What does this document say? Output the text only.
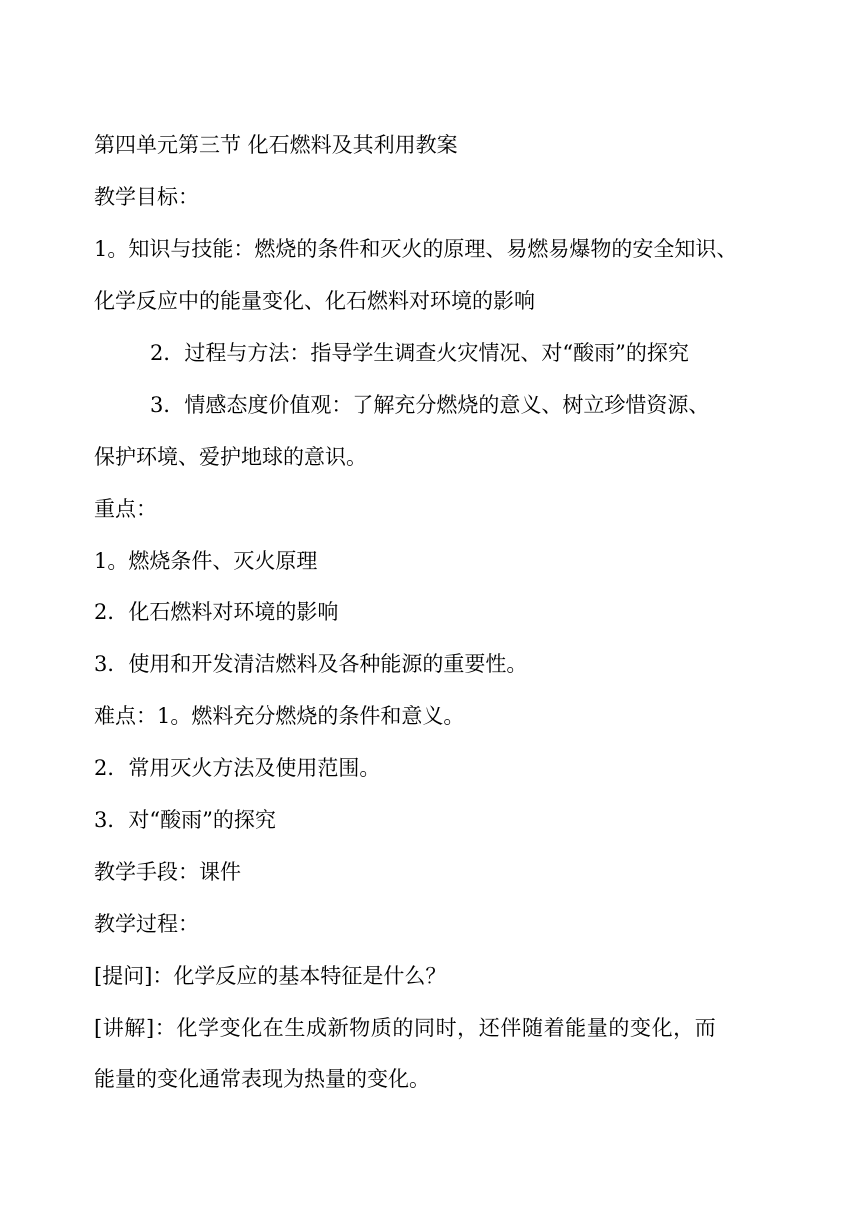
第四单元第三节 化石燃料及其利用教案
教学目标：
1。知识与技能：燃烧的条件和灭火的原理、易燃易爆物的安全知识、
化学反应中的能量变化、化石燃料对环境的影响
2．过程与方法：指导学生调查火灾情况、对“酸雨”的探究
3．情感态度价值观：了解充分燃烧的意义、树立珍惜资源、
保护环境、爱护地球的意识。
重点：
1。燃烧条件、灭火原理
2．化石燃料对环境的影响
3．使用和开发清洁燃料及各种能源的重要性。
难点：1。燃料充分燃烧的条件和意义。
2．常用灭火方法及使用范围。
3．对“酸雨”的探究
教学手段：课件
教学过程：
[提问]：化学反应的基本特征是什么？
[讲解]：化学变化在生成新物质的同时，还伴随着能量的变化，而
能量的变化通常表现为热量的变化。
